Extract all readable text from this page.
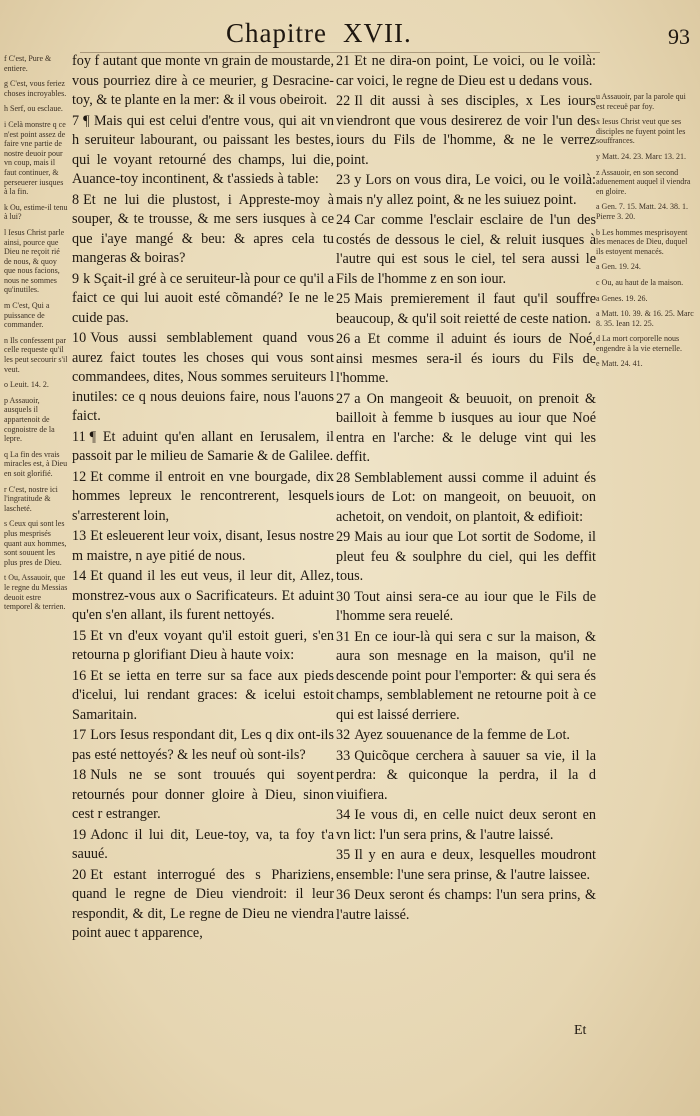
Chapitre XVII.	93
f C'est, Pure & entiere.
g C'est, vous feriez choses incroyables.
h Serf, ou esclaue.
i Celà monstre q ce n'est point assez de faire vne partie de nostre deuoir pour vn coup, mais il faut continuer, & perseuerer iusques à la fin.
k Ou, estime-il tenu à lui?
l Iesus Christ parle ainsi, pource que Dieu ne reçoit rié de nous, & quoy que nous facions, nous ne sommes qu'inutiles.
m C'est, Qui a puissance de commander.
n Ils confessent par celle requeste qu'il les peut secourir s'il veut.
o Leuit. 14. 2.
p Assauoir, ausquels il appartenoit de cognoistre de la lepre.
q La fin des vrais miracles est, à Dieu en soit glorifié.
r C'est, nostre ici l'ingratitude & lascheté.
s Ceux qui sont les plus mesprisés quant aux hommes, sont souuent les plus pres de Dieu.
t Ou, Assauoir, que le regne du Messias deuoit estre temporel & terrien.

foy f autant que monte vn grain de moustarde, vous pourriez dire à ce meurier, g Desracine-toy, & te plante en la mer: & il vous obeiroit.

7 ¶ Mais qui est celui d'entre vous, qui ait vn h seruiteur labourant, ou paissant les bestes, qui le voyant retourné des champs, lui die, Auance-toy incontinent, & t'assieds à table:

8 Et ne lui die plustost, i Appreste-moy à souper, & te trousse, & me sers iusques à ce que i'aye mangé & beu: & apres cela tu mangeras & boiras?

9 k Sçait-il gré à ce seruiteur-là pour ce qu'il a faict ce qui lui auoit esté cõmandé? Ie ne le cuide pas.

10 Vous aussi semblablement quand vous aurez faict toutes les choses qui vous sont commandees, dites, Nous sommes seruiteurs l inutiles: ce q nous deuions faire, nous l'auons faict.

11 ¶ Et aduint qu'en allant en Ierusalem, il passoit par le milieu de Samarie & de Galilee.

12 Et comme il entroit en vne bourgade, dix hommes lepreux le rencontrerent, lesquels s'arresterent loin,

13 Et esleuerent leur voix, disant, Iesus nostre m maistre, n aye pitié de nous.

14 Et quand il les eut veus, il leur dit, Allez, monstrez-vous aux o Sacrificateurs. Et aduint qu'en s'en allant, ils furent nettoyés.

15 Et vn d'eux voyant qu'il estoit gueri, s'en retourna p glorifiant Dieu à haute voix:

16 Et se ietta en terre sur sa face aux pieds d'icelui, lui rendant graces: & icelui estoit Samaritain.

17 Lors Iesus respondant dit, Les q dix ont-ils pas esté nettoyés? & les neuf où sont-ils?

18 Nuls ne se sont trouués qui soyent retournés pour donner gloire à Dieu, sinon cest r estranger.

19 Adonc il lui dit, Leue-toy, va, ta foy t'a sauué.

20 Et estant interrogué des s Phariziens, quand le regne de Dieu viendroit: il leur respondit, & dit, Le regne de Dieu ne viendra point auec t apparence,

21 Et ne dira-on point, Le voici, ou le voilà: car voici, le regne de Dieu est u dedans vous.

22 Il dit aussi à ses disciples, x Les iours viendront que vous desirerez de voir l'un des iours du Fils de l'homme, & ne le verrez point.

23 y Lors on vous dira, Le voici, ou le voilà: mais n'y allez point, & ne les suiuez point.

24 Car comme l'esclair esclaire de l'un des costés de dessous le ciel, & reluit iusques à l'autre qui est sous le ciel, tel sera aussi le Fils de l'homme z en son iour.

25 Mais premierement il faut qu'il souffre beaucoup, & qu'il soit reietté de ceste nation.

26 a Et comme il aduint és iours de Noé, ainsi mesmes sera-il és iours du Fils de l'homme.

27 a On mangeoit & beuuoit, on prenoit & bailloit à femme b iusques au iour que Noé entra en l'arche: & le deluge vint qui les deffit.

28 Semblablement aussi comme il aduint és iours de Lot: on mangeoit, on beuuoit, on achetoit, on vendoit, on plantoit, & edifioit:

29 Mais au iour que Lot sortit de Sodome, il pleut feu & soulphre du ciel, qui les deffit tous.

30 Tout ainsi sera-ce au iour que le Fils de l'homme sera reuelé.

31 En ce iour-là qui sera c sur la maison, & aura son mesnage en la maison, qu'il ne descende point pour l'emporter: & qui sera és champs, semblablement ne retourne poit à ce qui est laissé derriere.

32 Ayez souuenance de la femme de Lot.

33 Quicõque cerchera à sauuer sa vie, il la perdra: & quiconque la perdra, il la d viuifiera.

34 Ie vous di, en celle nuict deux seront en vn lict: l'un sera prins, & l'autre laissé.

35 Il y en aura e deux, lesquelles moudront ensemble: l'une sera prinse, & l'autre laissee.

36 Deux seront és champs: l'un sera prins, & l'autre laissé.

u Assauoir, par la parole qui est receuë par foy.
x Iesus Christ veut que ses disciples ne fuyent point les souffrances.
y Matt. 24. 23. Marc 13. 21.
z Assauoir, en son second aduenement auquel il viendra en gloire.
a Gen. 7. 15. Matt. 24. 38. 1. Pierre 3. 20.
b Les hommes mesprisoyent les menaces de Dieu, duquel ils estoyent menacés.
a Gen. 19. 24.
c Ou, au haut de la maison.
a Genes. 19. 26.
a Matt. 10. 39. & 16. 25. Marc 8. 35. Iean 12. 25.
d La mort corporelle nous engendre à la vie eternelle.
e Matt. 24. 41.
Et
